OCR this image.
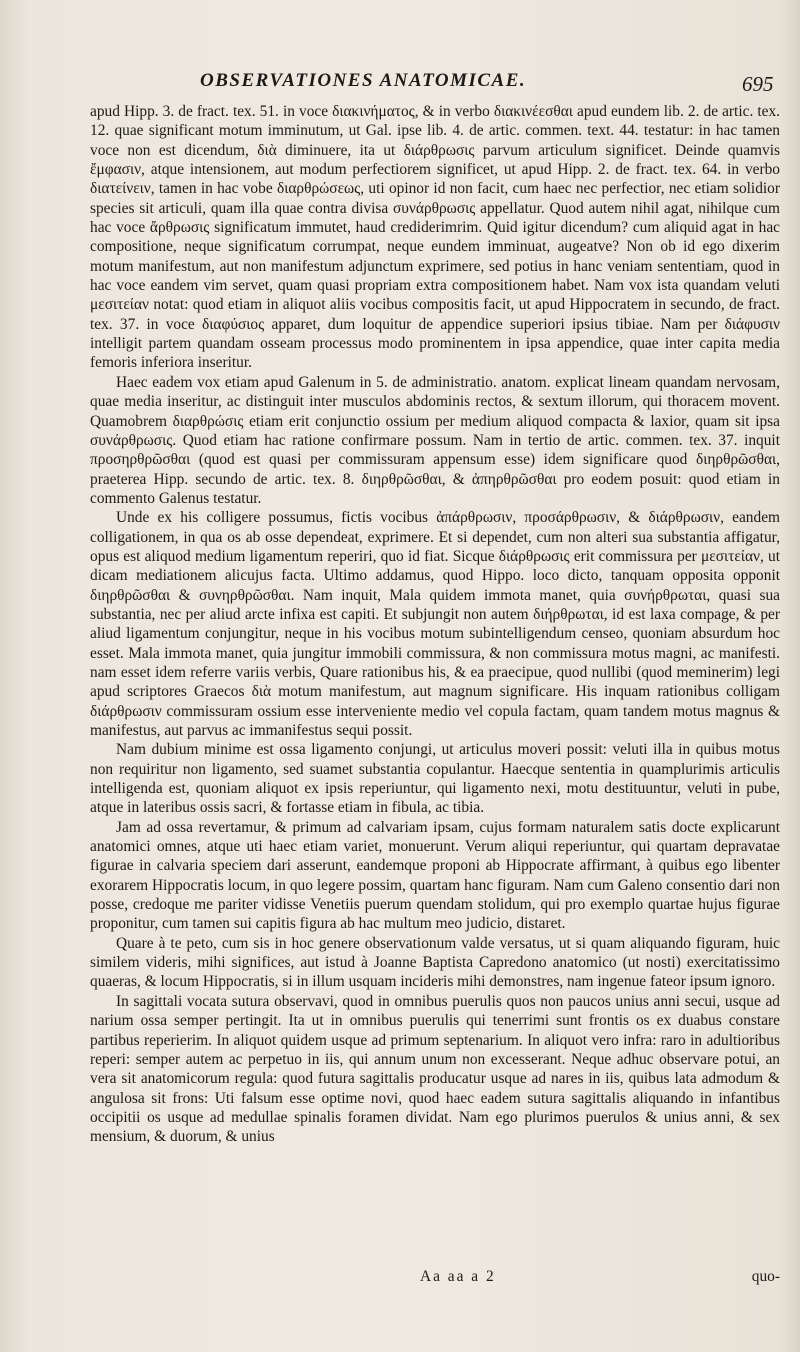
OBSERVATIONES ANATOMICAE.	695

apud Hipp. 3. de fract. tex. 51. in voce διακινήματος, & in verbo διακινέεσθαι apud eundem lib. 2. de artic. tex. 12. quae significant motum imminutum, ut Gal. ipse lib. 4. de artic. commen. text. 44. testatur: in hac tamen voce non est dicendum, διὰ diminuere, ita ut διάρθρωσις parvum articulum significet. Deinde quamvis ἔμφασιν, atque intensionem, aut modum perfectiorem significet, ut apud Hipp. 2. de fract. tex. 64. in verbo διατείνειν, tamen in hac vobe διαρθρώσεως, uti opinor id non facit, cum haec nec perfectior, nec etiam solidior species sit articuli, quam illa quae contra divisa συνάρθρωσις appellatur. Quod autem nihil agat, nihilque cum hac voce ἄρθρωσις significatum immutet, haud crediderimrim. Quid igitur dicendum? cum aliquid agat in hac compositione, neque significatum corrumpat, neque eundem imminuat, augeatve? Non ob id ego dixerim motum manifestum, aut non manifestum adjunctum exprimere, sed potius in hanc veniam sententiam, quod in hac voce eandem vim servet, quam quasi propriam extra compositionem habet. Nam vox ista quandam veluti μεσιτείαν notat: quod etiam in aliquot aliis vocibus compositis facit, ut apud Hippocratem in secundo, de fract. tex. 37. in voce διαφύσιος apparet, dum loquitur de appendice superiori ipsius tibiae. Nam per διάφυσιν intelligit partem quandam osseam processus modo prominentem in ipsa appendice, quae inter capita media femoris inferiora inseritur.

Haec eadem vox etiam apud Galenum in 5. de administratio. anatom. explicat lineam quandam nervosam, quae media inseritur, ac distinguit inter musculos abdominis rectos, & sextum illorum, qui thoracem movent. Quamobrem διαρθρώσις etiam erit conjunctio ossium per medium aliquod compacta & laxior, quam sit ipsa συνάρθρωσις. Quod etiam hac ratione confirmare possum. Nam in tertio de artic. commen. tex. 37. inquit προσηρθρῶσθαι (quod est quasi per commissuram appensum esse) idem significare quod διηρθρῶσθαι, praeterea Hipp. secundo de artic. tex. 8. διηρθρῶσθαι, & ἀπηρθρῶσθαι pro eodem posuit: quod etiam in commento Galenus testatur.

Unde ex his colligere possumus, fictis vocibus ἀπάρθρωσιν, προσάρθρωσιν, & διάρθρωσιν, eandem colligationem, in qua os ab osse dependeat, exprimere. Et si dependet, cum non alteri sua substantia affigatur, opus est aliquod medium ligamentum reperiri, quo id fiat. Sicque διάρθρωσις erit commissura per μεσιτείαν, ut dicam mediationem alicujus facta. Ultimo addamus, quod Hippo. loco dicto, tanquam opposita opponit διηρθρῶσθαι & συνηρθρῶσθαι. Nam inquit, Mala quidem immota manet, quia συνήρθρωται, quasi sua substantia, nec per aliud arcte infixa est capiti. Et subjungit non autem διήρθρωται, id est laxa compage, & per aliud ligamentum conjungitur, neque in his vocibus motum subintelligendum censeo, quoniam absurdum hoc esset. Mala immota manet, quia jungitur immobili commissura, & non commissura motus magni, ac manifesti. nam esset idem referre variis verbis, Quare rationibus his, & ea praecipue, quod nullibi (quod meminerim) legi apud scriptores Graecos διὰ motum manifestum, aut magnum significare. His inquam rationibus colligam διάρθρωσιν commissuram ossium esse interveniente medio vel copula factam, quam tandem motus magnus & manifestus, aut parvus ac immanifestus sequi possit.

Nam dubium minime est ossa ligamento conjungi, ut articulus moveri possit: veluti illa in quibus motus non requiritur non ligamento, sed suamet substantia copulantur. Haecque sententia in quamplurimis articulis intelligenda est, quoniam aliquot ex ipsis reperiuntur, qui ligamento nexi, motu destituuntur, veluti in pube, atque in lateribus ossis sacri, & fortasse etiam in fibula, ac tibia.

Jam ad ossa revertamur, & primum ad calvariam ipsam, cujus formam naturalem satis docte explicarunt anatomici omnes, atque uti haec etiam variet, monuerunt. Verum aliqui reperiuntur, qui quartam depravatae figurae in calvaria speciem dari asserunt, eandemque proponi ab Hippocrate affirmant, à quibus ego libenter exorarem Hippocratis locum, in quo legere possim, quartam hanc figuram. Nam cum Galeno consentio dari non posse, credoque me pariter vidisse Venetiis puerum quendam stolidum, qui pro exemplo quartae hujus figurae proponitur, cum tamen sui capitis figura ab hac multum meo judicio, distaret.

Quare à te peto, cum sis in hoc genere observationum valde versatus, ut si quam aliquando figuram, huic similem videris, mihi significes, aut istud à Joanne Baptista Capredono anatomico (ut nosti) exercitatissimo quaeras, & locum Hippocratis, si in illum usquam incideris mihi demonstres, nam ingenue fateor ipsum ignoro.

In sagittali vocata sutura observavi, quod in omnibus puerulis quos non paucos unius anni secui, usque ad narium ossa semper pertingit. Ita ut in omnibus puerulis qui tenerrimi sunt frontis os ex duabus constare partibus reperierim. In aliquot quidem usque ad primum septenarium. In aliquot vero infra: raro in adultioribus reperi: semper autem ac perpetuo in iis, qui annum unum non excesserant. Neque adhuc observare potui, an vera sit anatomicorum regula: quod futura sagittalis producatur usque ad nares in iis, quibus lata admodum & angulosa sit frons: Uti falsum esse optime novi, quod haec eadem sutura sagittalis aliquando in infantibus occipitii os usque ad medullae spinalis foramen dividat. Nam ego plurimos puerulos & unius anni, & sex mensium, & duorum, & unius

Aa aa a 2	quo-
